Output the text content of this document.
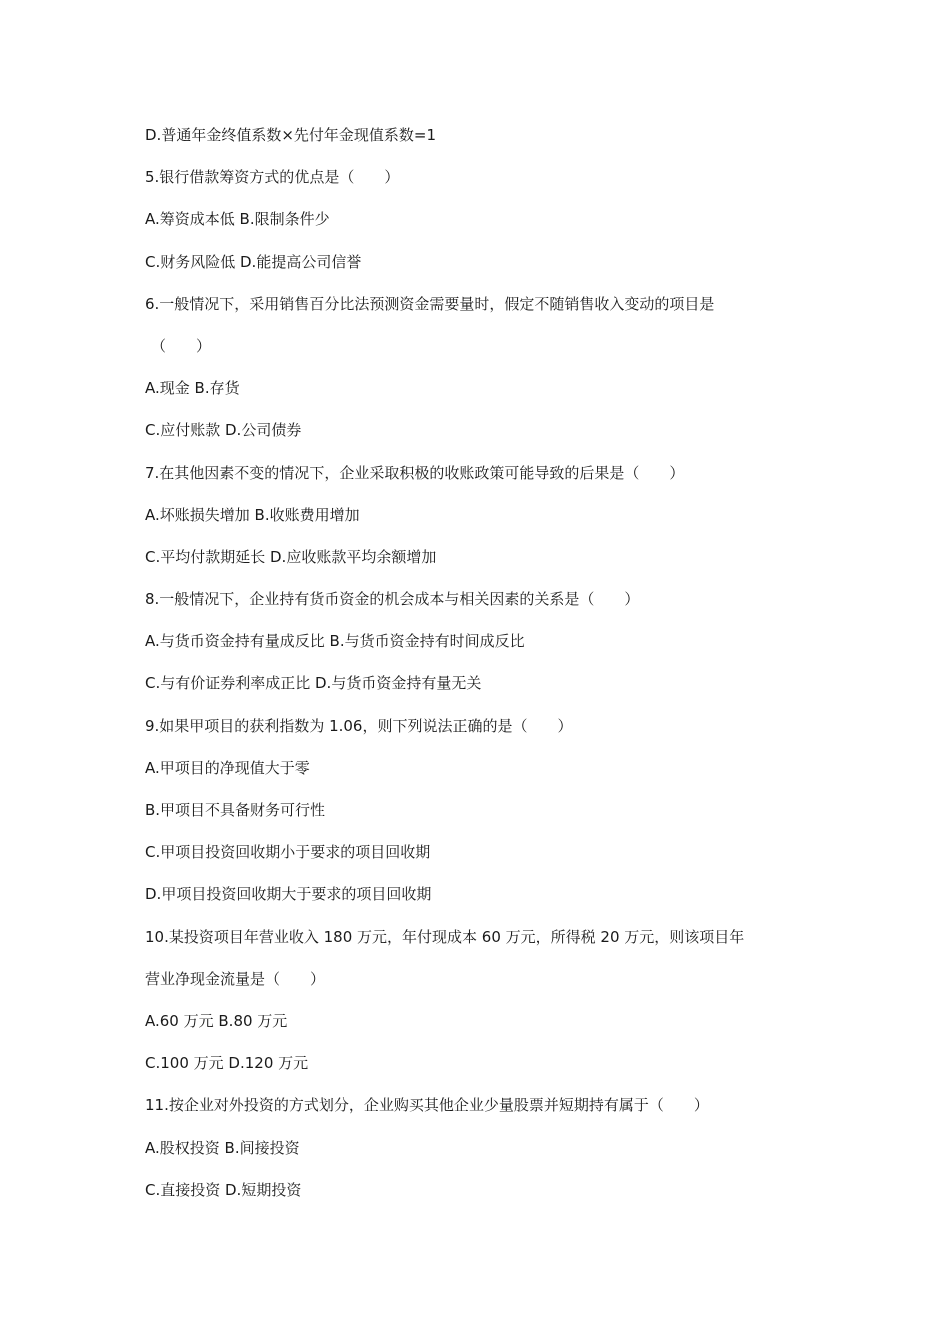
D.普通年金终值系数×先付年金现值系数=1
5.银行借款筹资方式的优点是（　　）
A.筹资成本低 B.限制条件少
C.财务风险低 D.能提高公司信誉
6.一般情况下，采用销售百分比法预测资金需要量时，假定不随销售收入变动的项目是
（　　）
A.现金 B.存货
C.应付账款 D.公司债券
7.在其他因素不变的情况下，企业采取积极的收账政策可能导致的后果是（　　）
A.坏账损失增加 B.收账费用增加
C.平均付款期延长 D.应收账款平均余额增加
8.一般情况下，企业持有货币资金的机会成本与相关因素的关系是（　　）
A.与货币资金持有量成反比 B.与货币资金持有时间成反比
C.与有价证券利率成正比 D.与货币资金持有量无关
9.如果甲项目的获利指数为 1.06，则下列说法正确的是（　　）
A.甲项目的净现值大于零
B.甲项目不具备财务可行性
C.甲项目投资回收期小于要求的项目回收期
D.甲项目投资回收期大于要求的项目回收期
10.某投资项目年营业收入 180 万元，年付现成本 60 万元，所得税 20 万元，则该项目年
营业净现金流量是（　　）
A.60 万元 B.80 万元
C.100 万元 D.120 万元
11.按企业对外投资的方式划分，企业购买其他企业少量股票并短期持有属于（　　）
A.股权投资 B.间接投资
C.直接投资 D.短期投资
